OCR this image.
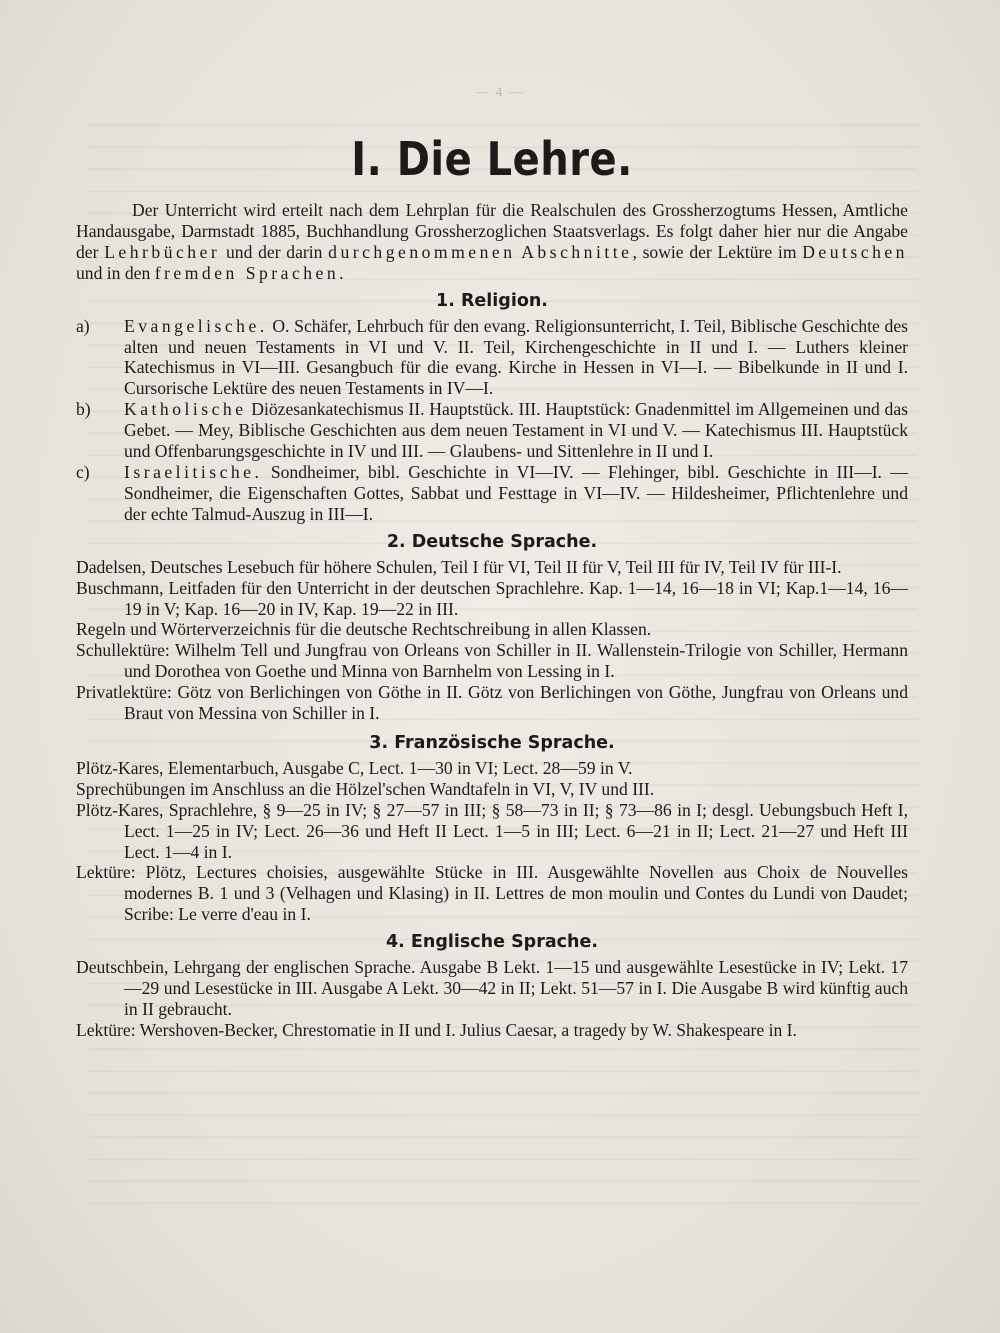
— 4 —
I. Die Lehre.

Der Unterricht wird erteilt nach dem Lehrplan für die Realschulen des Grossherzogtums Hessen, Amtliche Handausgabe, Darmstadt 1885, Buchhandlung Grossherzoglichen Staatsverlags. Es folgt daher hier nur die Angabe der Lehrbücher und der darin durchgenommenen Abschnitte, sowie der Lektüre im Deutschen und in den fremden Sprachen.

1. Religion.

a) Evangelische. O. Schäfer, Lehrbuch für den evang. Religionsunterricht, I. Teil, Biblische Geschichte des alten und neuen Testaments in VI und V. II. Teil, Kirchengeschichte in II und I. — Luthers kleiner Katechismus in VI—III. Gesangbuch für die evang. Kirche in Hessen in VI—I. — Bibelkunde in II und I. Cursorische Lektüre des neuen Testaments in IV—I.

b) Katholische Diözesankatechismus II. Hauptstück. III. Hauptstück: Gnadenmittel im Allgemeinen und das Gebet. — Mey, Biblische Geschichten aus dem neuen Testament in VI und V. — Katechismus III. Hauptstück und Offenbarungsgeschichte in IV und III. — Glaubens- und Sittenlehre in II und I.

c) Israelitische. Sondheimer, bibl. Geschichte in VI—IV. — Flehinger, bibl. Geschichte in III—I. — Sondheimer, die Eigenschaften Gottes, Sabbat und Festtage in VI—IV. — Hildesheimer, Pflichtenlehre und der echte Talmud-Auszug in III—I.

2. Deutsche Sprache.

Dadelsen, Deutsches Lesebuch für höhere Schulen, Teil I für VI, Teil II für V, Teil III für IV, Teil IV für III-I.

Buschmann, Leitfaden für den Unterricht in der deutschen Sprachlehre. Kap. 1—14, 16—18 in VI; Kap.1—14, 16—19 in V; Kap. 16—20 in IV, Kap. 19—22 in III.

Regeln und Wörterverzeichnis für die deutsche Rechtschreibung in allen Klassen.

Schullektüre: Wilhelm Tell und Jungfrau von Orleans von Schiller in II. Wallenstein-Trilogie von Schiller, Hermann und Dorothea von Goethe und Minna von Barnhelm von Lessing in I.

Privatlektüre: Götz von Berlichingen von Göthe in II. Götz von Berlichingen von Göthe, Jungfrau von Orleans und Braut von Messina von Schiller in I.

3. Französische Sprache.

Plötz-Kares, Elementarbuch, Ausgabe C, Lect. 1—30 in VI; Lect. 28—59 in V.

Sprechübungen im Anschluss an die Hölzel'schen Wandtafeln in VI, V, IV und III.

Plötz-Kares, Sprachlehre, § 9—25 in IV; § 27—57 in III; § 58—73 in II; § 73—86 in I; desgl. Uebungsbuch Heft I, Lect. 1—25 in IV; Lect. 26—36 und Heft II Lect. 1—5 in III; Lect. 6—21 in II; Lect. 21—27 und Heft III Lect. 1—4 in I.

Lektüre: Plötz, Lectures choisies, ausgewählte Stücke in III. Ausgewählte Novellen aus Choix de Nouvelles modernes B. 1 und 3 (Velhagen und Klasing) in II. Lettres de mon moulin und Contes du Lundi von Daudet; Scribe: Le verre d'eau in I.

4. Englische Sprache.

Deutschbein, Lehrgang der englischen Sprache. Ausgabe B Lekt. 1—15 und ausgewählte Lesestücke in IV; Lekt. 17—29 und Lesestücke in III. Ausgabe A Lekt. 30—42 in II; Lekt. 51—57 in I. Die Ausgabe B wird künftig auch in II gebraucht.

Lektüre: Wershoven-Becker, Chrestomatie in II und I. Julius Caesar, a tragedy by W. Shakespeare in I.
